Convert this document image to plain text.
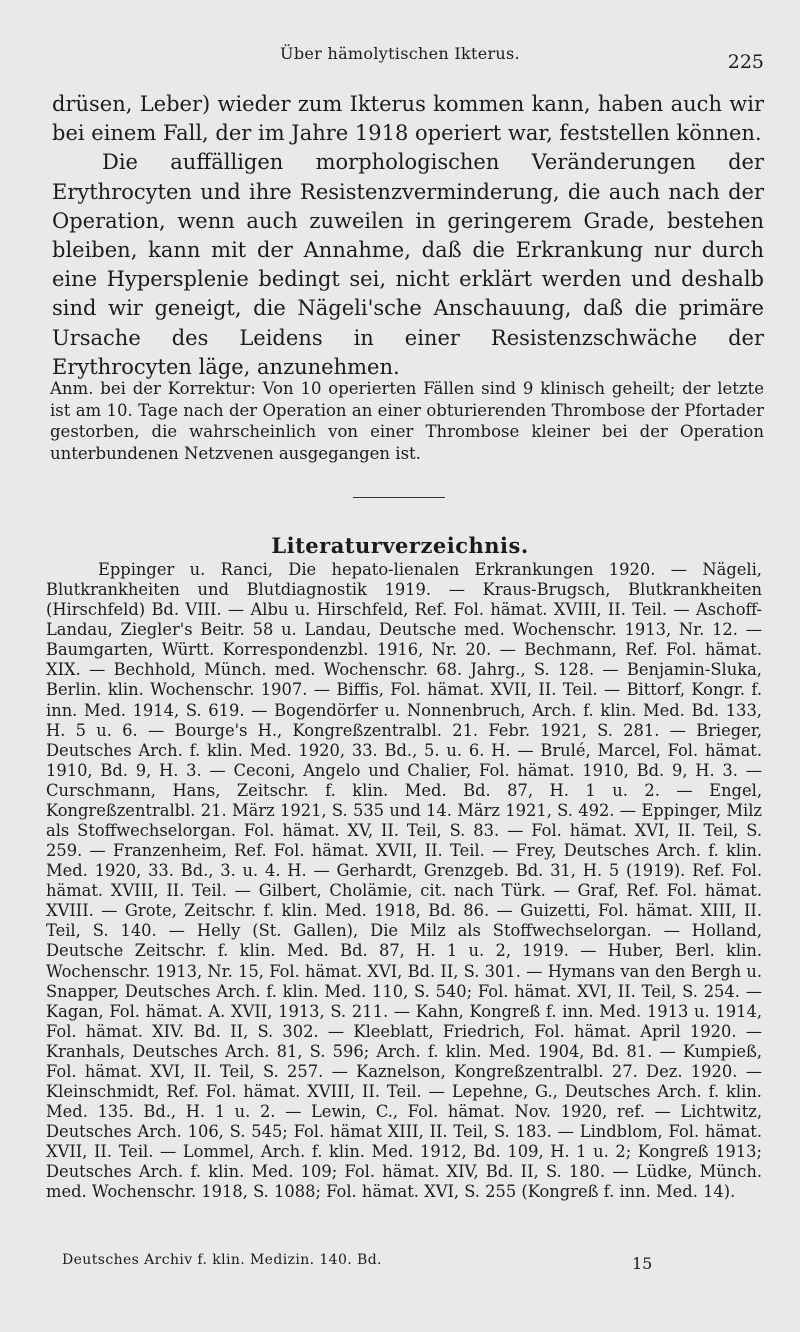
Über hämolytischen Ikterus.	225

drüsen, Leber) wieder zum Ikterus kommen kann, haben auch wir bei einem Fall, der im Jahre 1918 operiert war, feststellen können.

Die auffälligen morphologischen Veränderungen der Erythrocyten und ihre Resistenzverminderung, die auch nach der Operation, wenn auch zuweilen in geringerem Grade, bestehen bleiben, kann mit der Annahme, daß die Erkrankung nur durch eine Hypersplenie bedingt sei, nicht erklärt werden und deshalb sind wir geneigt, die Nägeli'sche Anschauung, daß die primäre Ursache des Leidens in einer Resistenzschwäche der Erythrocyten läge, anzunehmen.

Anm. bei der Korrektur: Von 10 operierten Fällen sind 9 klinisch geheilt; der letzte ist am 10. Tage nach der Operation an einer obturierenden Thrombose der Pfortader gestorben, die wahrscheinlich von einer Thrombose kleiner bei der Operation unterbundenen Netzvenen ausgegangen ist.

Literaturverzeichnis.

Eppinger u. Ranci, Die hepato-lienalen Erkrankungen 1920. — Nägeli, Blutkrankheiten und Blutdiagnostik 1919. — Kraus-Brugsch, Blutkrankheiten (Hirschfeld) Bd. VIII. — Albu u. Hirschfeld, Ref. Fol. hämat. XVIII, II. Teil. — Aschoff-Landau, Ziegler's Beitr. 58 u. Landau, Deutsche med. Wochenschr. 1913, Nr. 12. — Baumgarten, Württ. Korrespondenzbl. 1916, Nr. 20. — Bechmann, Ref. Fol. hämat. XIX. — Bechhold, Münch. med. Wochenschr. 68. Jahrg., S. 128. — Benjamin-Sluka, Berlin. klin. Wochenschr. 1907. — Biffis, Fol. hämat. XVII, II. Teil. — Bittorf, Kongr. f. inn. Med. 1914, S. 619. — Bogendörfer u. Nonnenbruch, Arch. f. klin. Med. Bd. 133, H. 5 u. 6. — Bourge's H., Kongreßzentralbl. 21. Febr. 1921, S. 281. — Brieger, Deutsches Arch. f. klin. Med. 1920, 33. Bd., 5. u. 6. H. — Brulé, Marcel, Fol. hämat. 1910, Bd. 9, H. 3. — Ceconi, Angelo und Chalier, Fol. hämat. 1910, Bd. 9, H. 3. — Curschmann, Hans, Zeitschr. f. klin. Med. Bd. 87, H. 1 u. 2. — Engel, Kongreßzentralbl. 21. März 1921, S. 535 und 14. März 1921, S. 492. — Eppinger, Milz als Stoffwechselorgan. Fol. hämat. XV, II. Teil, S. 83. — Fol. hämat. XVI, II. Teil, S. 259. — Franzenheim, Ref. Fol. hämat. XVII, II. Teil. — Frey, Deutsches Arch. f. klin. Med. 1920, 33. Bd., 3. u. 4. H. — Gerhardt, Grenzgeb. Bd. 31, H. 5 (1919). Ref. Fol. hämat. XVIII, II. Teil. — Gilbert, Cholämie, cit. nach Türk. — Graf, Ref. Fol. hämat. XVIII. — Grote, Zeitschr. f. klin. Med. 1918, Bd. 86. — Guizetti, Fol. hämat. XIII, II. Teil, S. 140. — Helly (St. Gallen), Die Milz als Stoffwechselorgan. — Holland, Deutsche Zeitschr. f. klin. Med. Bd. 87, H. 1 u. 2, 1919. — Huber, Berl. klin. Wochenschr. 1913, Nr. 15, Fol. hämat. XVI, Bd. II, S. 301. — Hymans van den Bergh u. Snapper, Deutsches Arch. f. klin. Med. 110, S. 540; Fol. hämat. XVI, II. Teil, S. 254. — Kagan, Fol. hämat. A. XVII, 1913, S. 211. — Kahn, Kongreß f. inn. Med. 1913 u. 1914, Fol. hämat. XIV. Bd. II, S. 302. — Kleeblatt, Friedrich, Fol. hämat. April 1920. — Kranhals, Deutsches Arch. 81, S. 596; Arch. f. klin. Med. 1904, Bd. 81. — Kumpieß, Fol. hämat. XVI, II. Teil, S. 257. — Kaznelson, Kongreßzentralbl. 27. Dez. 1920. — Kleinschmidt, Ref. Fol. hämat. XVIII, II. Teil. — Lepehne, G., Deutsches Arch. f. klin. Med. 135. Bd., H. 1 u. 2. — Lewin, C., Fol. hämat. Nov. 1920, ref. — Lichtwitz, Deutsches Arch. 106, S. 545; Fol. hämat XIII, II. Teil, S. 183. — Lindblom, Fol. hämat. XVII, II. Teil. — Lommel, Arch. f. klin. Med. 1912, Bd. 109, H. 1 u. 2; Kongreß 1913; Deutsches Arch. f. klin. Med. 109; Fol. hämat. XIV, Bd. II, S. 180. — Lüdke, Münch. med. Wochenschr. 1918, S. 1088; Fol. hämat. XVI, S. 255 (Kongreß f. inn. Med. 14).

Deutsches Archiv f. klin. Medizin. 140. Bd.	15
